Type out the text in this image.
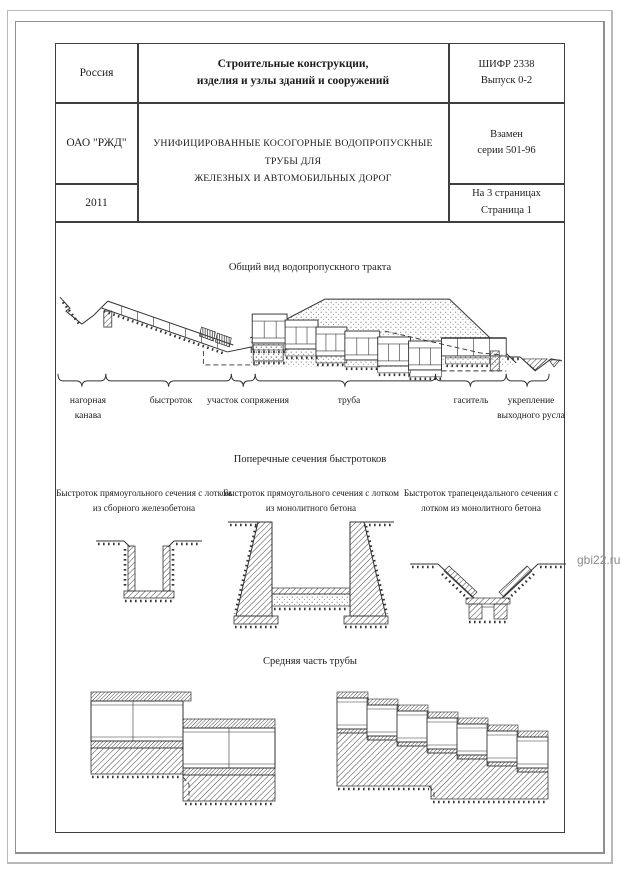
Россия
Строительные конструкции,
изделия и узлы зданий и сооружений
ШИФР 2338
Выпуск 0-2
ОАО "РЖД"	УНИФИЦИРОВАННЫЕ КОСОГОРНЫЕ ВОДОПРОПУСКНЫЕ ТРУБЫ ДЛЯ
ЖЕЛЕЗНЫХ И АВТОМОБИЛЬНЫХ ДОРОГ
Взамен
серии 501-96
2011
На 3 страницах
Страница 1
Общий вид водопропускного тракта
нагорная канава
быстроток	участок сопряжения	труба	гаситель	укрепление выходного русла
Поперечные сечения быстротоков
Быстроток прямоугольного сечения с лотком из сборного железобетона
Быстроток прямоугольного сечения с лотком из монолитного бетона
Быстроток трапецеидального сечения с лотком из монолитного бетона
Средняя часть трубы
gbi22.ru
